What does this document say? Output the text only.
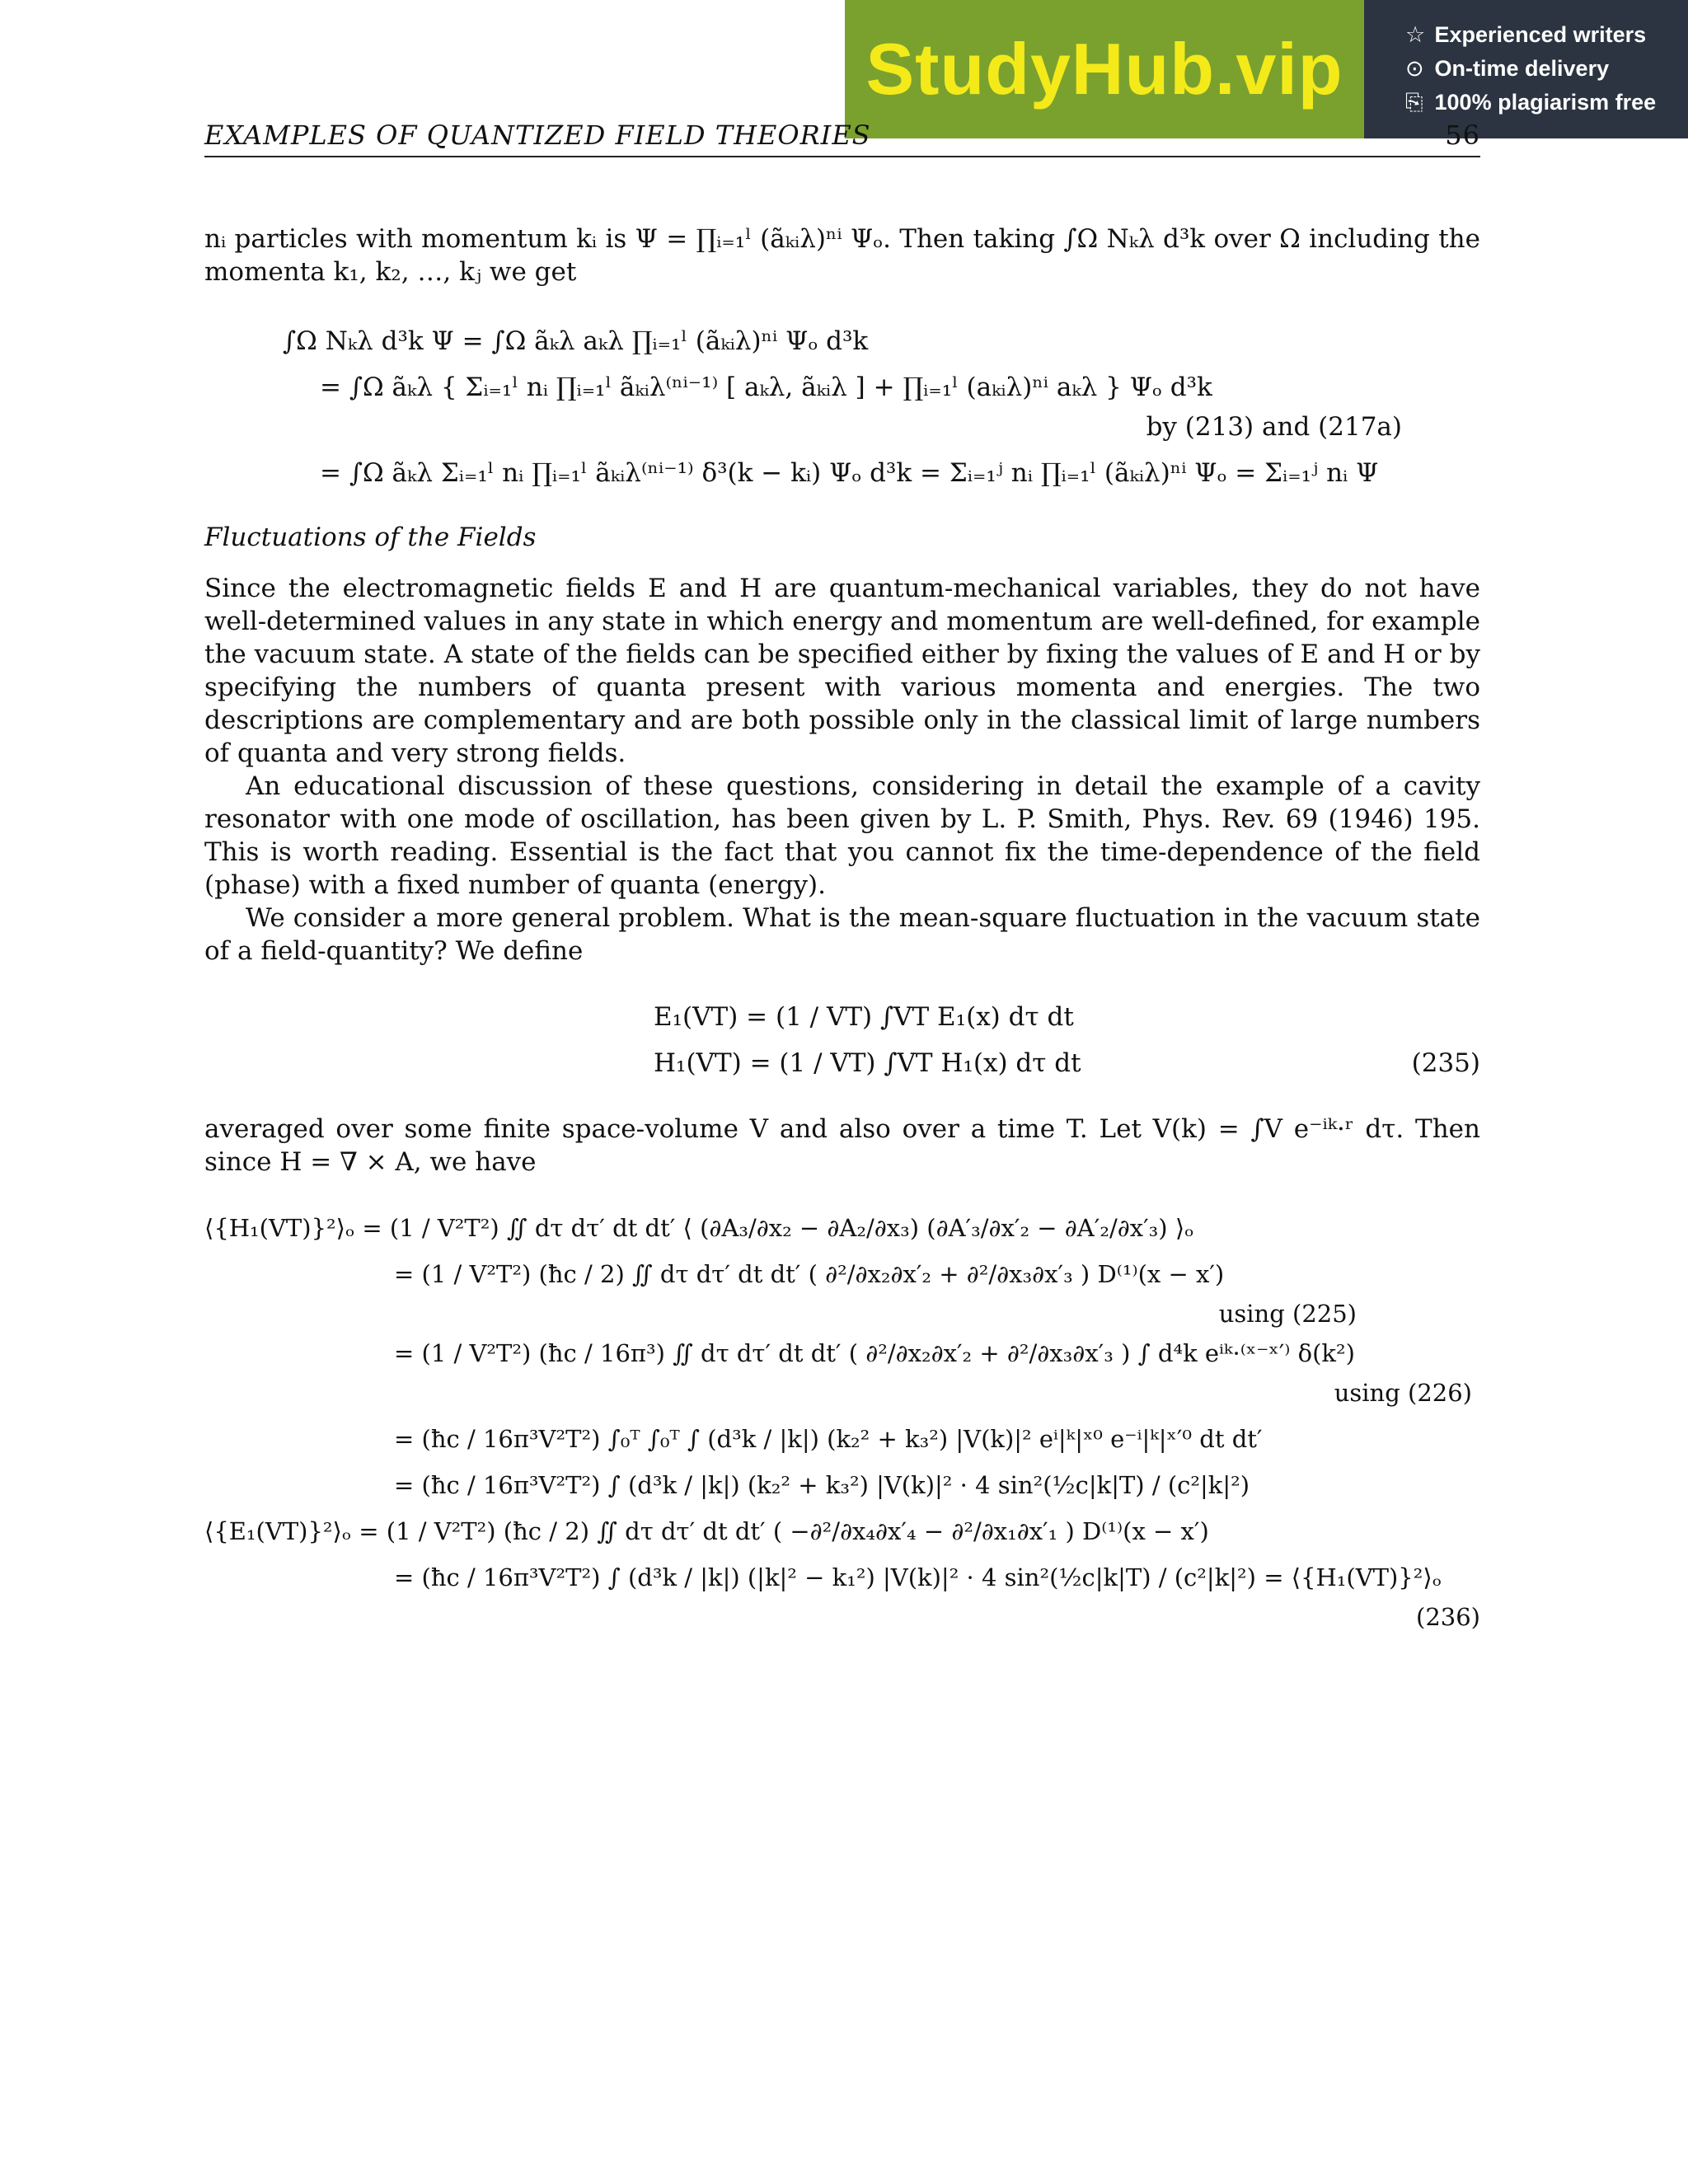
StudyHub.vip	☆ Experienced writers
⊙ On-time delivery
⎘ 100% plagiarism free
EXAMPLES OF QUANTIZED FIELD THEORIES	56

nᵢ particles with momentum kᵢ is Ψ = ∏ᵢ₌₁ˡ (ãₖᵢλ)ⁿⁱ Ψₒ. Then taking ∫Ω Nₖλ d³k over Ω including the momenta k₁, k₂, …, kⱼ we get

∫Ω Nₖλ d³k Ψ = ∫Ω ãₖλ aₖλ ∏ᵢ₌₁ˡ (ãₖᵢλ)ⁿⁱ Ψₒ d³k
= ∫Ω ãₖλ { Σᵢ₌₁ˡ nᵢ ∏ᵢ₌₁ˡ ãₖᵢλ⁽ⁿⁱ⁻¹⁾ [ aₖλ, ãₖᵢλ ] + ∏ᵢ₌₁ˡ (aₖᵢλ)ⁿⁱ aₖλ } Ψₒ d³k
by (213) and (217a)
= ∫Ω ãₖλ Σᵢ₌₁ˡ nᵢ ∏ᵢ₌₁ˡ ãₖᵢλ⁽ⁿⁱ⁻¹⁾ δ³(k − kᵢ) Ψₒ d³k = Σᵢ₌₁ʲ nᵢ ∏ᵢ₌₁ˡ (ãₖᵢλ)ⁿⁱ Ψₒ = Σᵢ₌₁ʲ nᵢ Ψ

Fluctuations of the Fields

Since the electromagnetic fields E and H are quantum-mechanical variables, they do not have well-determined values in any state in which energy and momentum are well-defined, for example the vacuum state. A state of the fields can be specified either by fixing the values of E and H or by specifying the numbers of quanta present with various momenta and energies. The two descriptions are complementary and are both possible only in the classical limit of large numbers of quanta and very strong fields.

An educational discussion of these questions, considering in detail the example of a cavity resonator with one mode of oscillation, has been given by L. P. Smith, Phys. Rev. 69 (1946) 195. This is worth reading. Essential is the fact that you cannot fix the time-dependence of the field (phase) with a fixed number of quanta (energy).

We consider a more general problem. What is the mean-square fluctuation in the vacuum state of a field-quantity? We define

E₁(VT) = (1 / VT) ∫VT E₁(x) dτ dt
H₁(VT) = (1 / VT) ∫VT H₁(x) dτ dt	(235)

averaged over some finite space-volume V and also over a time T. Let V(k) = ∫V e⁻ⁱᵏ·ʳ dτ. Then since H = ∇ × A, we have

⟨{H₁(VT)}²⟩ₒ = (1 / V²T²) ∬ dτ dτ′ dt dt′ ⟨ (∂A₃/∂x₂ − ∂A₂/∂x₃) (∂A′₃/∂x′₂ − ∂A′₂/∂x′₃) ⟩ₒ
= (1 / V²T²) (ħc / 2) ∬ dτ dτ′ dt dt′ ( ∂²/∂x₂∂x′₂ + ∂²/∂x₃∂x′₃ ) D⁽¹⁾(x − x′)
using (225)
= (1 / V²T²) (ħc / 16π³) ∬ dτ dτ′ dt dt′ ( ∂²/∂x₂∂x′₂ + ∂²/∂x₃∂x′₃ ) ∫ d⁴k eⁱᵏ·⁽ˣ⁻ˣ′⁾ δ(k²)
using (226)
= (ħc / 16π³V²T²) ∫₀ᵀ ∫₀ᵀ ∫ (d³k / |k|) (k₂² + k₃²) |V(k)|² eⁱ|ᵏ|ˣ⁰ e⁻ⁱ|ᵏ|ˣ′⁰ dt dt′
= (ħc / 16π³V²T²) ∫ (d³k / |k|) (k₂² + k₃²) |V(k)|² · 4 sin²(½c|k|T) / (c²|k|²)
⟨{E₁(VT)}²⟩ₒ = (1 / V²T²) (ħc / 2) ∬ dτ dτ′ dt dt′ ( −∂²/∂x₄∂x′₄ − ∂²/∂x₁∂x′₁ ) D⁽¹⁾(x − x′)
= (ħc / 16π³V²T²) ∫ (d³k / |k|) (|k|² − k₁²) |V(k)|² · 4 sin²(½c|k|T) / (c²|k|²) = ⟨{H₁(VT)}²⟩ₒ
(236)
